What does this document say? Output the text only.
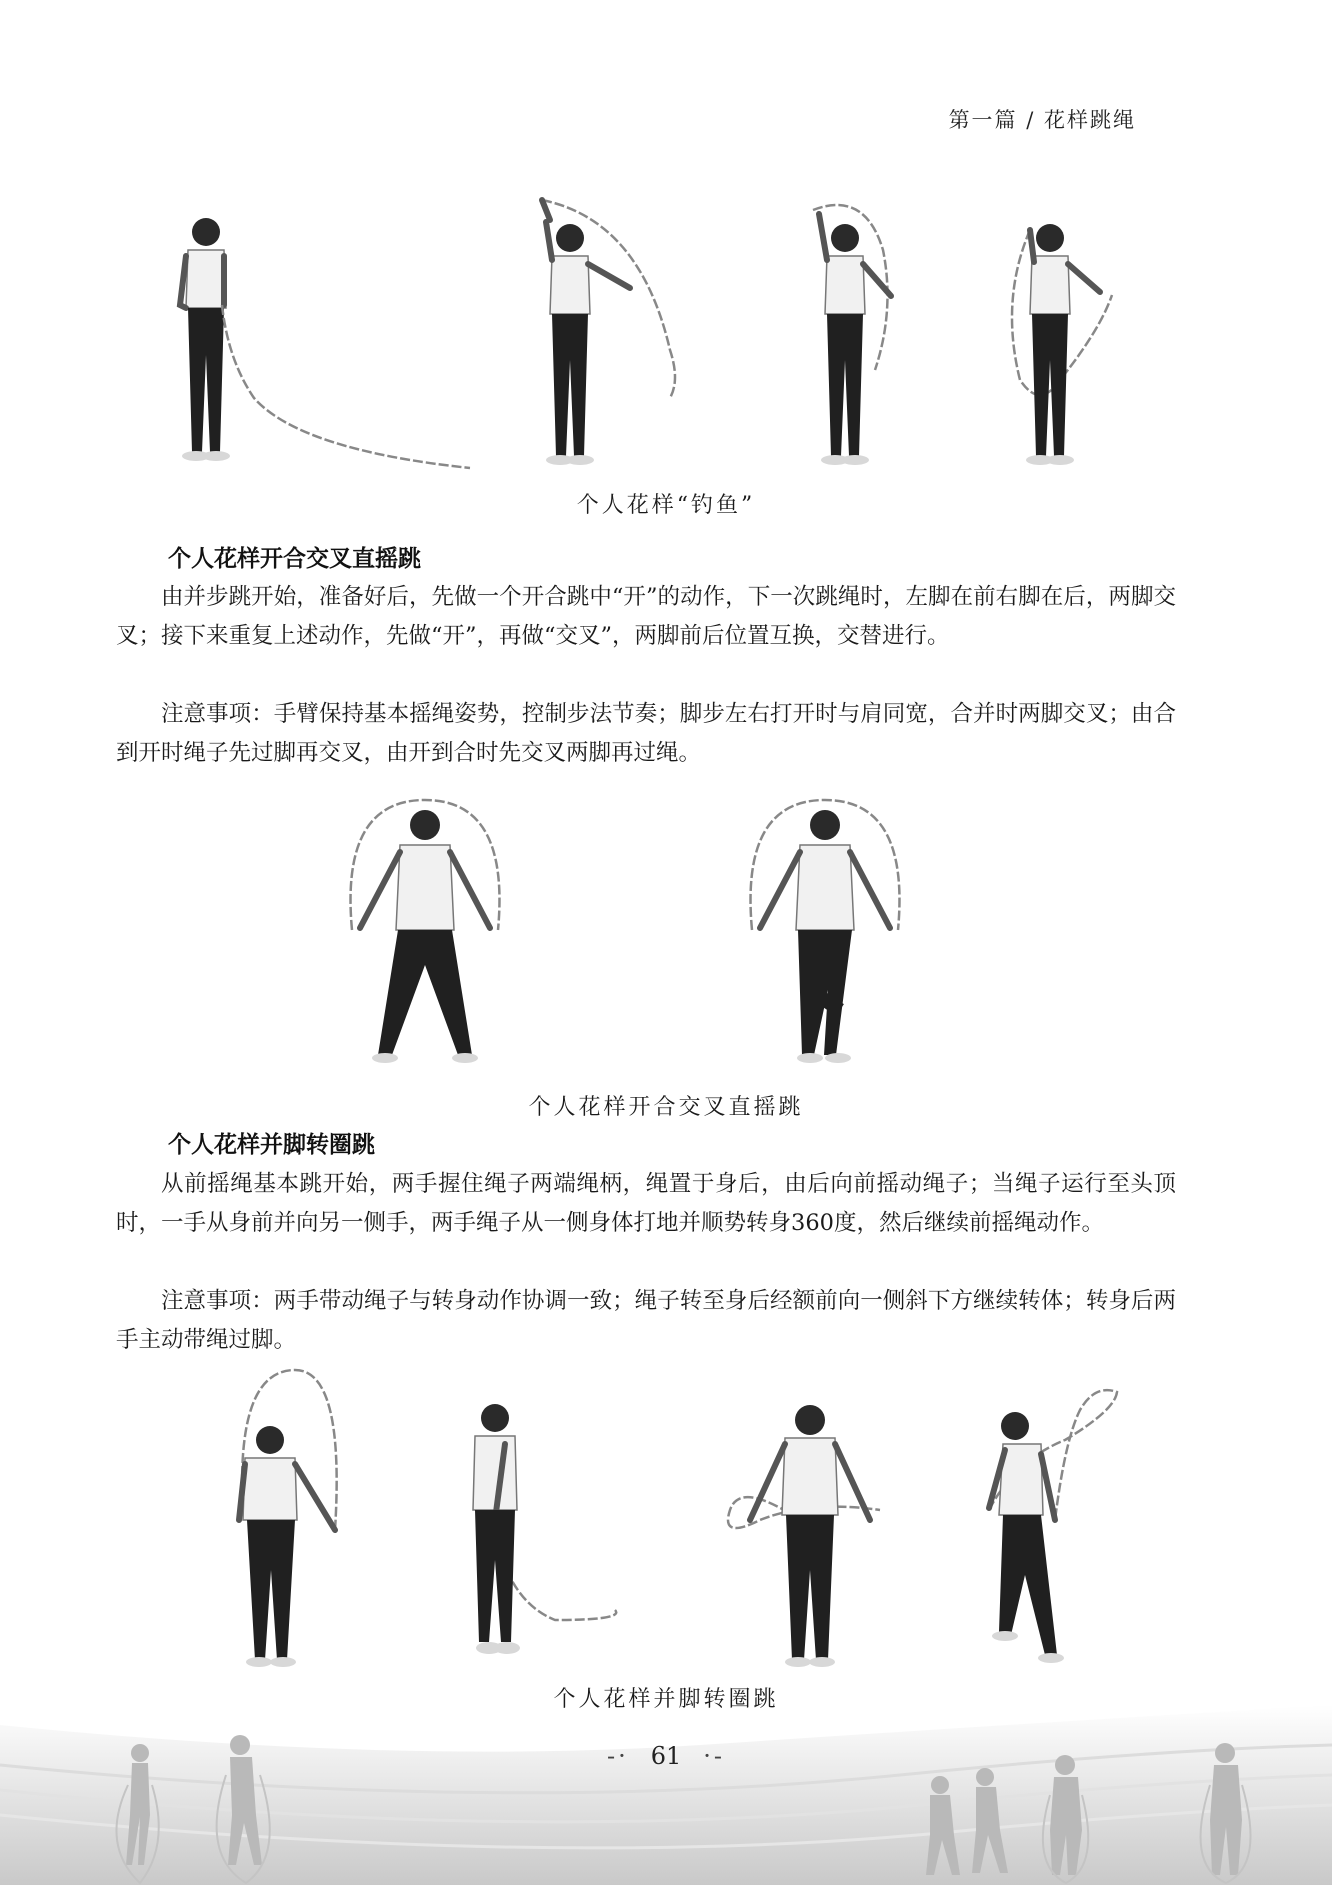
第一篇 / 花样跳绳
个人花样“钓鱼”
个人花样开合交叉直摇跳

由并步跳开始，准备好后，先做一个开合跳中“开”的动作，下一次跳绳时，左脚在前右脚在后，两脚交叉；接下来重复上述动作，先做“开”，再做“交叉”，两脚前后位置互换，交替进行。

注意事项：手臂保持基本摇绳姿势，控制步法节奏；脚步左右打开时与肩同宽，合并时两脚交叉；由合到开时绳子先过脚再交叉，由开到合时先交叉两脚再过绳。

个人花样开合交叉直摇跳
个人花样并脚转圈跳

从前摇绳基本跳开始，两手握住绳子两端绳柄，绳置于身后，由后向前摇动绳子；当绳子运行至头顶时，一手从身前并向另一侧手，两手绳子从一侧身体打地并顺势转身360度，然后继续前摇绳动作。

注意事项：两手带动绳子与转身动作协调一致；绳子转至身后经额前向一侧斜下方继续转体；转身后两手主动带绳过脚。

个人花样并脚转圈跳
-· 61 ·-
